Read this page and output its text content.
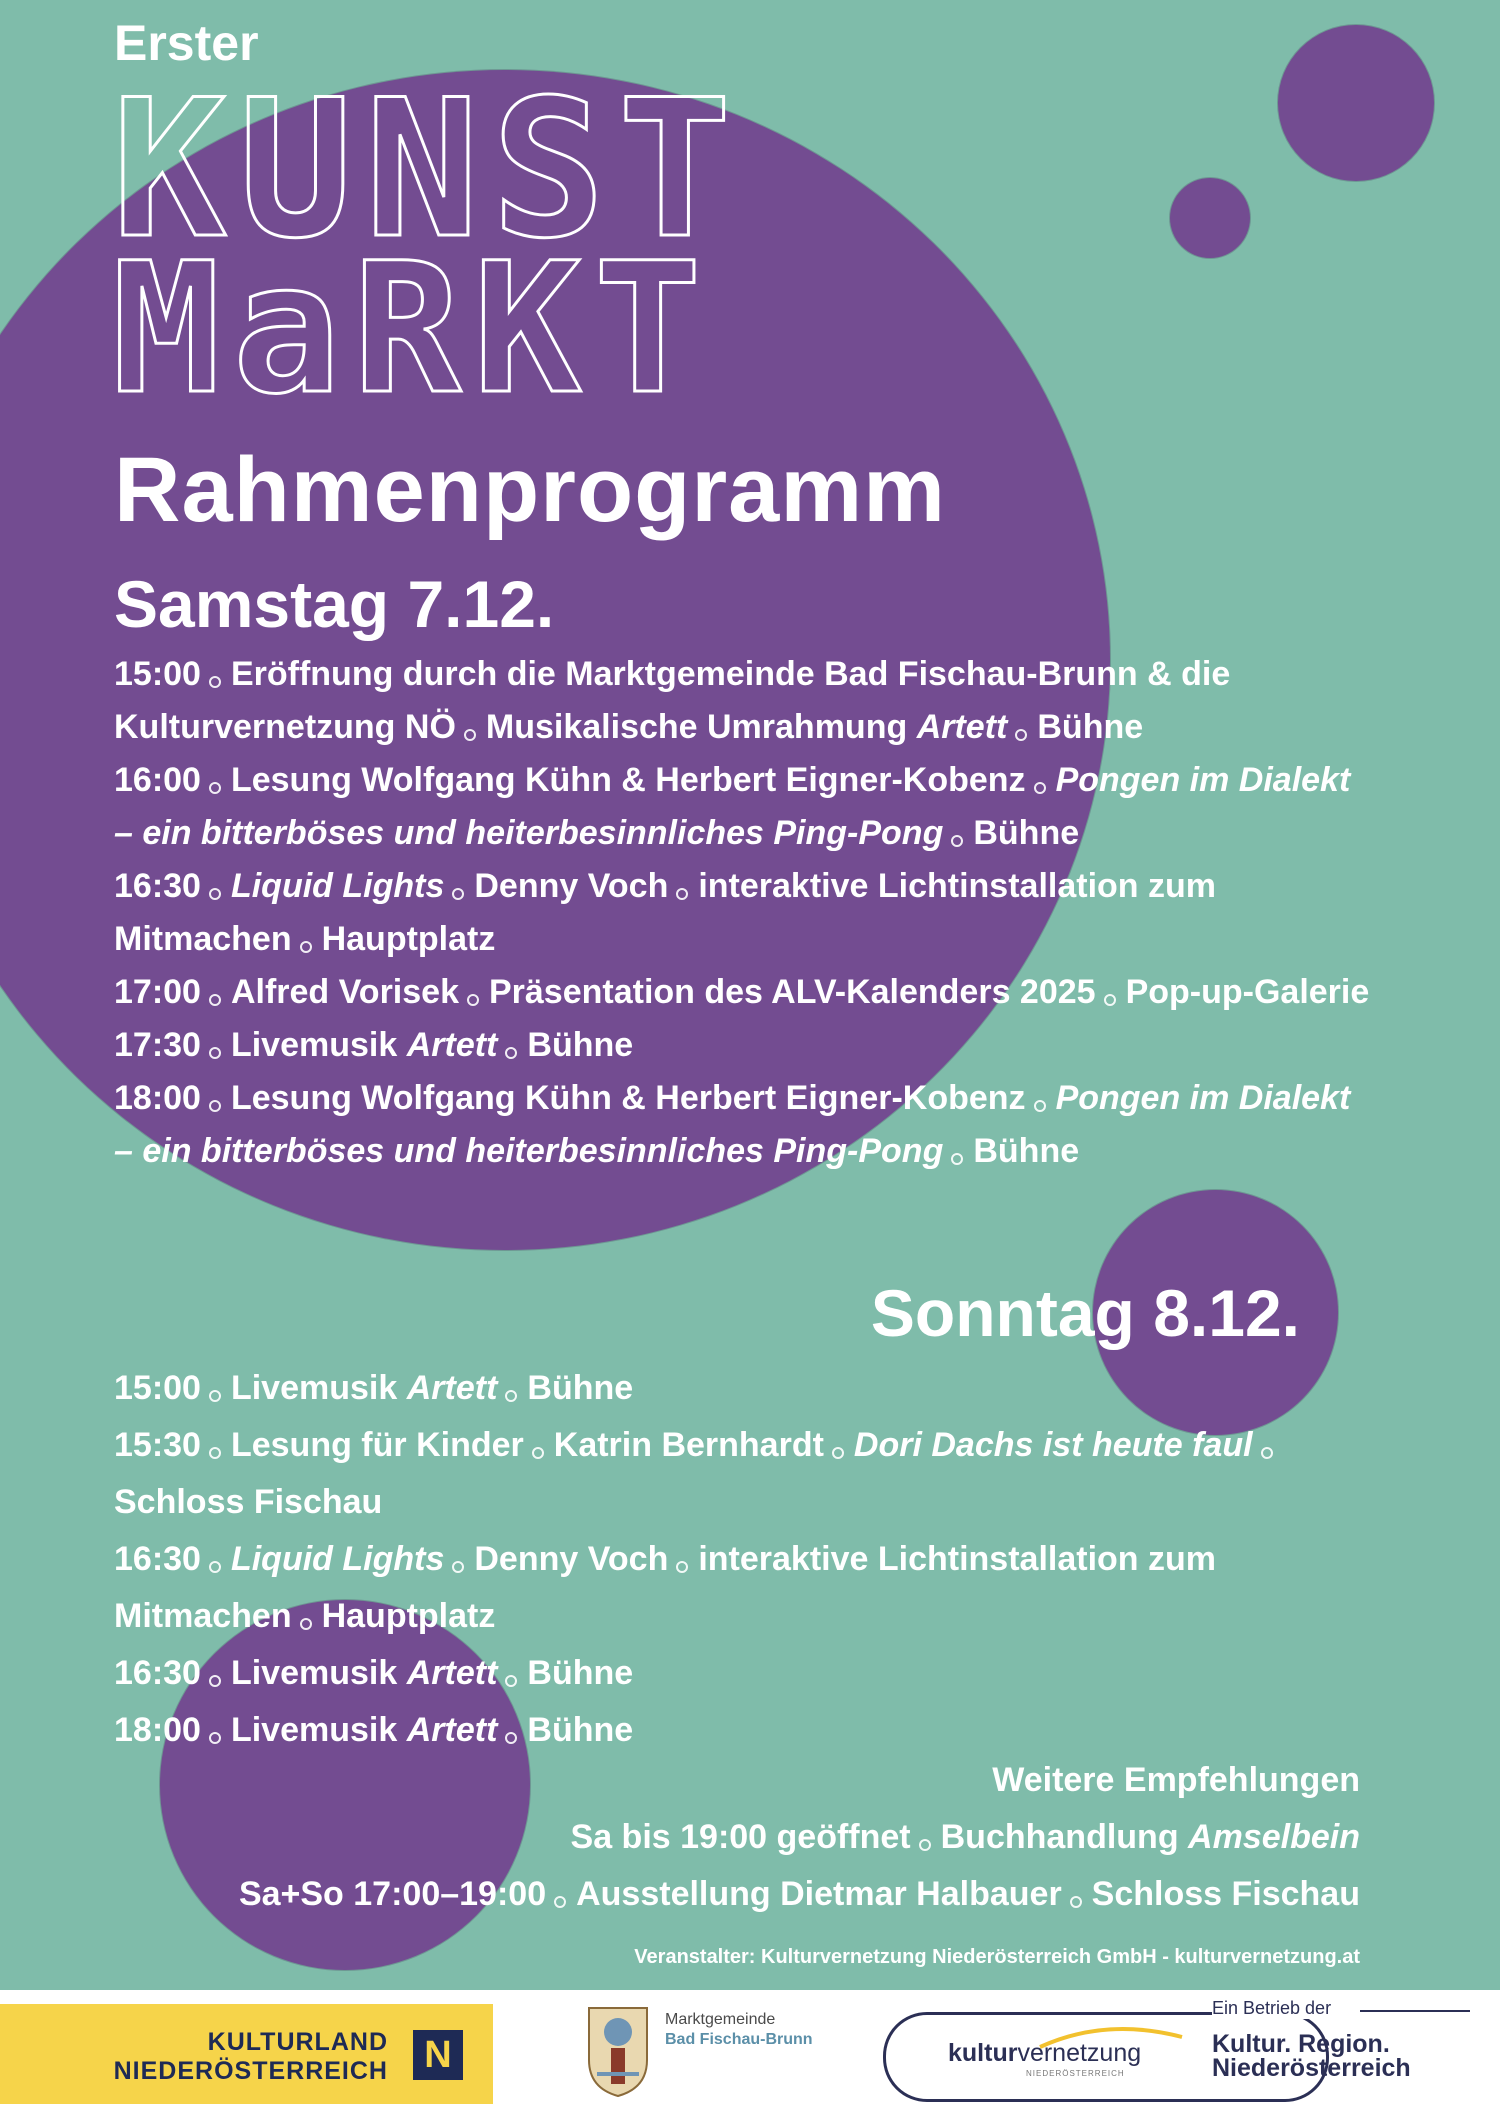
Erster
KUNST
MaRKT
Rahmenprogramm
Samstag 7.12.

15:00 Eröffnung durch die Marktgemeinde Bad Fischau-Brunn & die Kulturvernetzung NÖ Musikalische Umrahmung Artett Bühne

16:00 Lesung Wolfgang Kühn & Herbert Eigner-Kobenz Pongen im Dialekt – ein bitterböses und heiterbesinnliches Ping-Pong Bühne

16:30 Liquid Lights Denny Voch interaktive Lichtinstallation zum Mitmachen Hauptplatz

17:00 Alfred Vorisek Präsentation des ALV-Kalenders 2025 Pop-up-Galerie

17:30 Livemusik Artett Bühne

18:00 Lesung Wolfgang Kühn & Herbert Eigner-Kobenz Pongen im Dialekt – ein bitterböses und heiterbesinnliches Ping-Pong Bühne

Sonntag 8.12.

15:00 Livemusik Artett Bühne

15:30 Lesung für Kinder Katrin Bernhardt Dori Dachs ist heute faulSchloss Fischau

16:30 Liquid Lights Denny Voch interaktive Lichtinstallation zum Mitmachen Hauptplatz

16:30 Livemusik Artett Bühne

18:00 Livemusik Artett Bühne

Weitere Empfehlungen

Sa bis 19:00 geöffnet Buchhandlung Amselbein

Sa+So 17:00–19:00 Ausstellung Dietmar Halbauer Schloss Fischau

Veranstalter: Kulturvernetzung Niederösterreich GmbH - kulturvernetzung.at
KULTURLAND
NIEDERÖSTERREICH N
Marktgemeinde
Bad Fischau-Brunn	kulturvernetzung
NIEDERÖSTERREICH
Ein Betrieb der
Kultur. Region.
Niederösterreich
